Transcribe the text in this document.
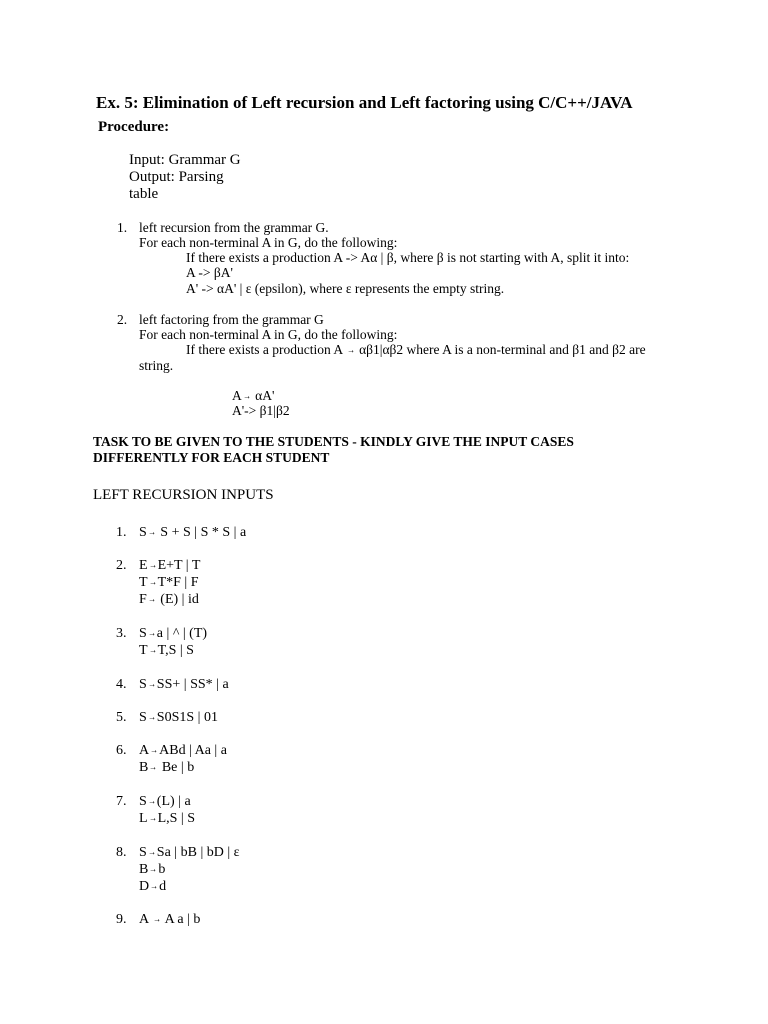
Ex. 5: Elimination of Left recursion and Left factoring using C/C++/JAVA
Procedure:
Input: Grammar G
Output: Parsing
table
1. left recursion from the grammar G.
For each non-terminal A in G, do the following:
If there exists a production A -> Aα | β, where β is not starting with A, split it into:
A -> βA'
A' -> αA' | ε (epsilon), where ε represents the empty string.
2. left factoring from the grammar G
For each non-terminal A in G, do the following:
If there exists a production A → αβ1|αβ2 where A is a non-terminal and β1 and β2 are
string.
A→ αA'
A'-> β1|β2
TASK TO BE GIVEN TO THE STUDENTS - KINDLY GIVE THE INPUT CASES
DIFFERENTLY FOR EACH STUDENT
LEFT RECURSION INPUTS
1. S→ S + S | S * S | a
2. E→E+T | T
T→T*F | F
F→ (E) | id
3. S→a | ^ | (T)
T→T,S | S
4. S→SS+ | SS* | a
5. S→S0S1S | 01
6. A→ABd | Aa | a
B→ Be | b
7. S→(L) | a
L→L,S | S
8. S→Sa | bB | bD | ε
B→b
D→d
9. A → A a | b
